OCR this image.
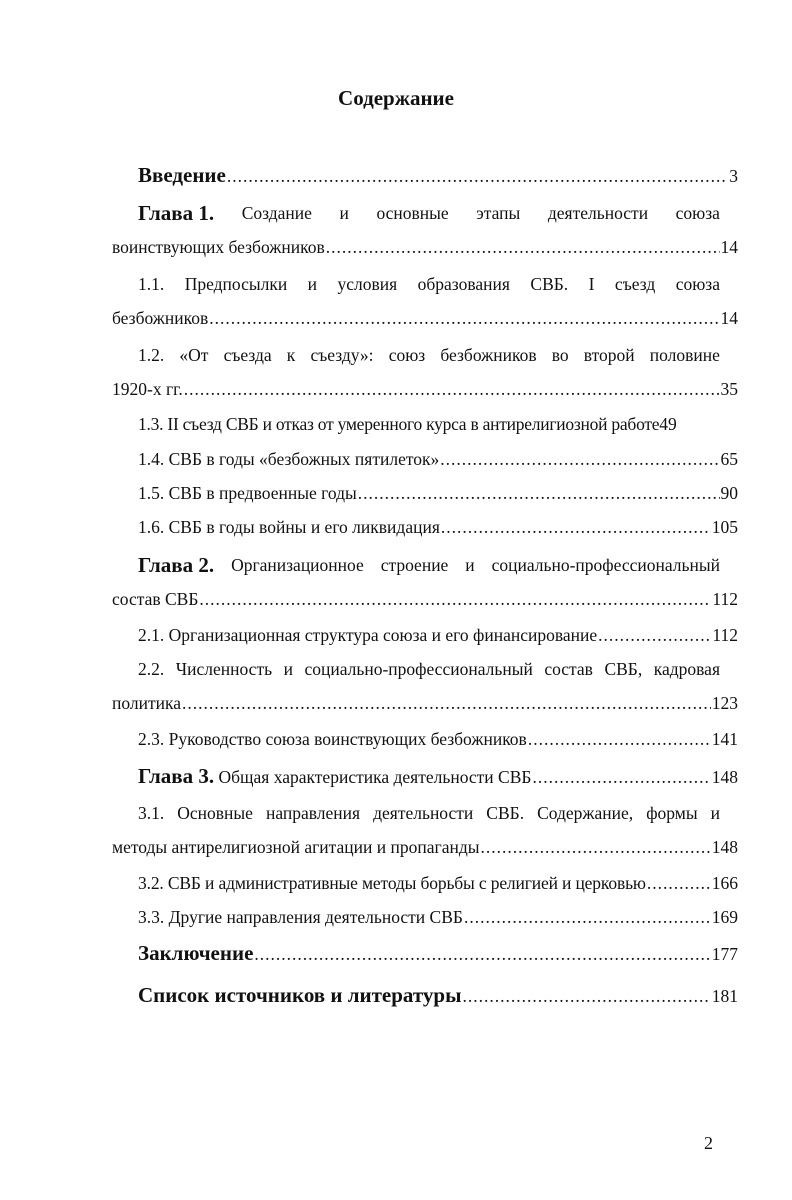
Содержание
Введение .....	3
Глава 1. Создание и основные этапы деятельности союза
воинствующих безбожников .....	14
1.1. Предпосылки и условия образования СВБ. I съезд союза
безбожников .....	14
1.2. «От съезда к съезду»: союз безбожников во второй половине
1920-х гг. .....	35
1.3. II съезд СВБ и отказ от умеренного курса в антирелигиозной работе 49
1.4. СВБ в годы «безбожных пятилеток» .....	65
1.5. СВБ в предвоенные годы .....	90
1.6. СВБ в годы войны и его ликвидация .....	105
Глава 2. Организационное строение и социально-профессиональный
состав СВБ .....	112
2.1. Организационная структура союза и его финансирование .....	112
2.2. Численность и социально-профессиональный состав СВБ, кадровая
политика .....	123
2.3. Руководство союза воинствующих безбожников .....	141
Глава 3. Общая характеристика деятельности СВБ .....	148
3.1. Основные направления деятельности СВБ. Содержание, формы и
методы антирелигиозной агитации и пропаганды .....	148
3.2. СВБ и административные методы борьбы с религией и церковью .....	166
3.3. Другие направления деятельности СВБ .....	169
Заключение .....	177
Список источников и литературы .....	181
2
